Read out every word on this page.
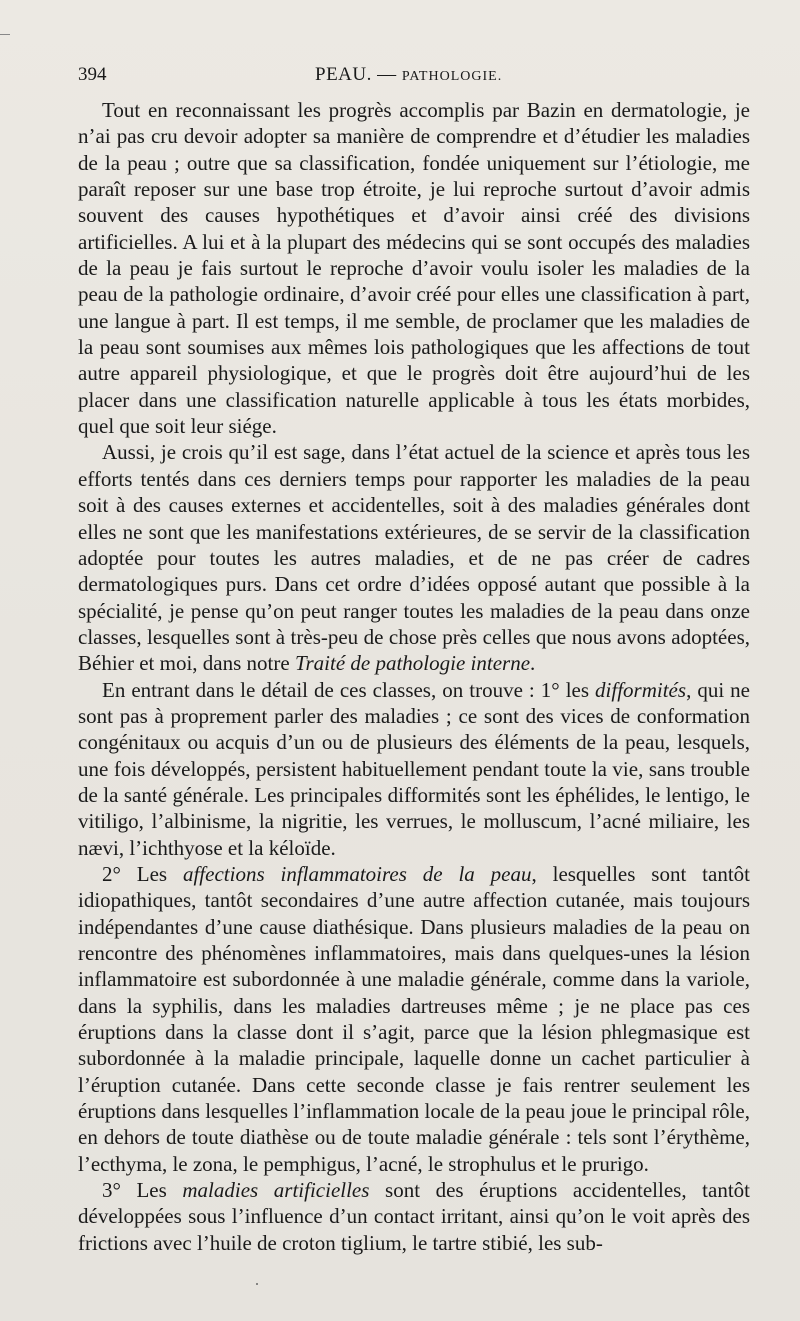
394	PEAU. — PATHOLOGIE.

Tout en reconnaissant les progrès accomplis par Bazin en dermatologie, je n’ai pas cru devoir adopter sa manière de comprendre et d’étudier les maladies de la peau ; outre que sa classification, fondée uniquement sur l’étiologie, me paraît reposer sur une base trop étroite, je lui reproche surtout d’avoir admis souvent des causes hypothétiques et d’avoir ainsi créé des divisions artificielles. A lui et à la plupart des médecins qui se sont occupés des maladies de la peau je fais surtout le reproche d’avoir voulu isoler les maladies de la peau de la pathologie ordinaire, d’avoir créé pour elles une classification à part, une langue à part. Il est temps, il me semble, de proclamer que les maladies de la peau sont soumises aux mêmes lois pathologiques que les affections de tout autre appareil physiologique, et que le progrès doit être aujourd’hui de les placer dans une classification naturelle applicable à tous les états morbides, quel que soit leur siége.

Aussi, je crois qu’il est sage, dans l’état actuel de la science et après tous les efforts tentés dans ces derniers temps pour rapporter les maladies de la peau soit à des causes externes et accidentelles, soit à des maladies générales dont elles ne sont que les manifestations extérieures, de se servir de la classification adoptée pour toutes les autres maladies, et de ne pas créer de cadres dermatologiques purs. Dans cet ordre d’idées opposé autant que possible à la spécialité, je pense qu’on peut ranger toutes les maladies de la peau dans onze classes, lesquelles sont à très-peu de chose près celles que nous avons adoptées, Béhier et moi, dans notre Traité de pathologie interne.

En entrant dans le détail de ces classes, on trouve : 1° les difformités, qui ne sont pas à proprement parler des maladies ; ce sont des vices de conformation congénitaux ou acquis d’un ou de plusieurs des éléments de la peau, lesquels, une fois développés, persistent habituellement pendant toute la vie, sans trouble de la santé générale. Les principales difformités sont les éphélides, le lentigo, le vitiligo, l’albinisme, la nigritie, les verrues, le molluscum, l’acné miliaire, les nævi, l’ichthyose et la kéloïde.

2° Les affections inflammatoires de la peau, lesquelles sont tantôt idiopathiques, tantôt secondaires d’une autre affection cutanée, mais toujours indépendantes d’une cause diathésique. Dans plusieurs maladies de la peau on rencontre des phénomènes inflammatoires, mais dans quelques-unes la lésion inflammatoire est subordonnée à une maladie générale, comme dans la variole, dans la syphilis, dans les maladies dartreuses même ; je ne place pas ces éruptions dans la classe dont il s’agit, parce que la lésion phlegmasique est subordonnée à la maladie principale, laquelle donne un cachet particulier à l’éruption cutanée. Dans cette seconde classe je fais rentrer seulement les éruptions dans lesquelles l’inflammation locale de la peau joue le principal rôle, en dehors de toute diathèse ou de toute maladie générale : tels sont l’érythème, l’ecthyma, le zona, le pemphigus, l’acné, le strophulus et le prurigo.

3° Les maladies artificielles sont des éruptions accidentelles, tantôt développées sous l’influence d’un contact irritant, ainsi qu’on le voit après des frictions avec l’huile de croton tiglium, le tartre stibié, les sub-
